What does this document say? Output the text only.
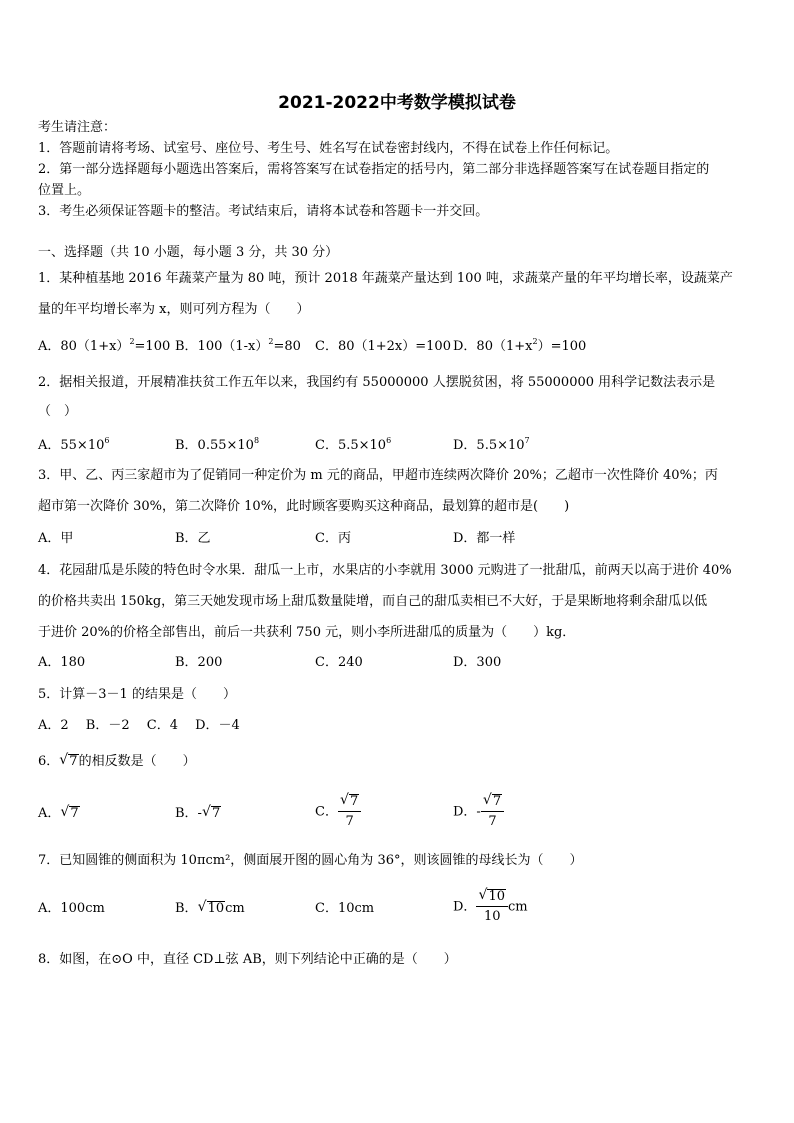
2021-2022中考数学模拟试卷
考生请注意：
1．答题前请将考场、试室号、座位号、考生号、姓名写在试卷密封线内，不得在试卷上作任何标记。
2．第一部分选择题每小题选出答案后，需将答案写在试卷指定的括号内，第二部分非选择题答案写在试卷题目指定的
位置上。
3．考生必须保证答题卡的整洁。考试结束后，请将本试卷和答题卡一并交回。
一、选择题（共 10 小题，每小题 3 分，共 30 分）
1．某种植基地 2016 年蔬菜产量为 80 吨，预计 2018 年蔬菜产量达到 100 吨，求蔬菜产量的年平均增长率，设蔬菜产
量的年平均增长率为 x，则可列方程为（　　）
A．$80(1+x)^2=100$ B．$100(1-x)^2=80$ C．80（1+2x）=100 D．$80(1+x^2)=100$
2．据相关报道，开展精准扶贫工作五年以来，我国约有 55000000 人摆脱贫困，将 55000000 用科学记数法表示是
（　）
A．$55\times 10^6$	B．$0.55\times 10^8$	C．$5.5\times 10^6$	D．$5.5\times 10^7$
3．甲、乙、丙三家超市为了促销同一种定价为 m 元的商品，甲超市连续两次降价 20%；乙超市一次性降价 40%；丙
超市第一次降价 30%，第二次降价 10%，此时顾客要购买这种商品，最划算的超市是(　　)
A．甲	B．乙	C．丙	D．都一样
4．花园甜瓜是乐陵的特色时令水果．甜瓜一上市，水果店的小李就用 3000 元购进了一批甜瓜，前两天以高于进价 40%
的价格共卖出 150kg，第三天她发现市场上甜瓜数量陡增，而自己的甜瓜卖相已不大好，于是果断地将剩余甜瓜以低
于进价 20%的价格全部售出，前后一共获利 750 元，则小李所进甜瓜的质量为（　　）kg．
A．180	B．200	C．240	D．300
5．计算－3－1 的结果是（　　）
A．2　 B．－2　 C．4　 D．－4
6． √ 7的相反数是（　　）
A． √ 7	B．- √ 7	C． $\frac{√ 7}{7}$	D．- $\frac{√ 7}{7}$
7．已知圆锥的侧面积为 10πcm²，侧面展开图的圆心角为 36°，则该圆锥的母线长为（　　）
A．100cm	B． √ 10cm	C．10cm	D． $\frac{√ 10}{10}$ cm
8．如图，在⊙O 中，直径 CD⊥弦 AB，则下列结论中正确的是（　　）
